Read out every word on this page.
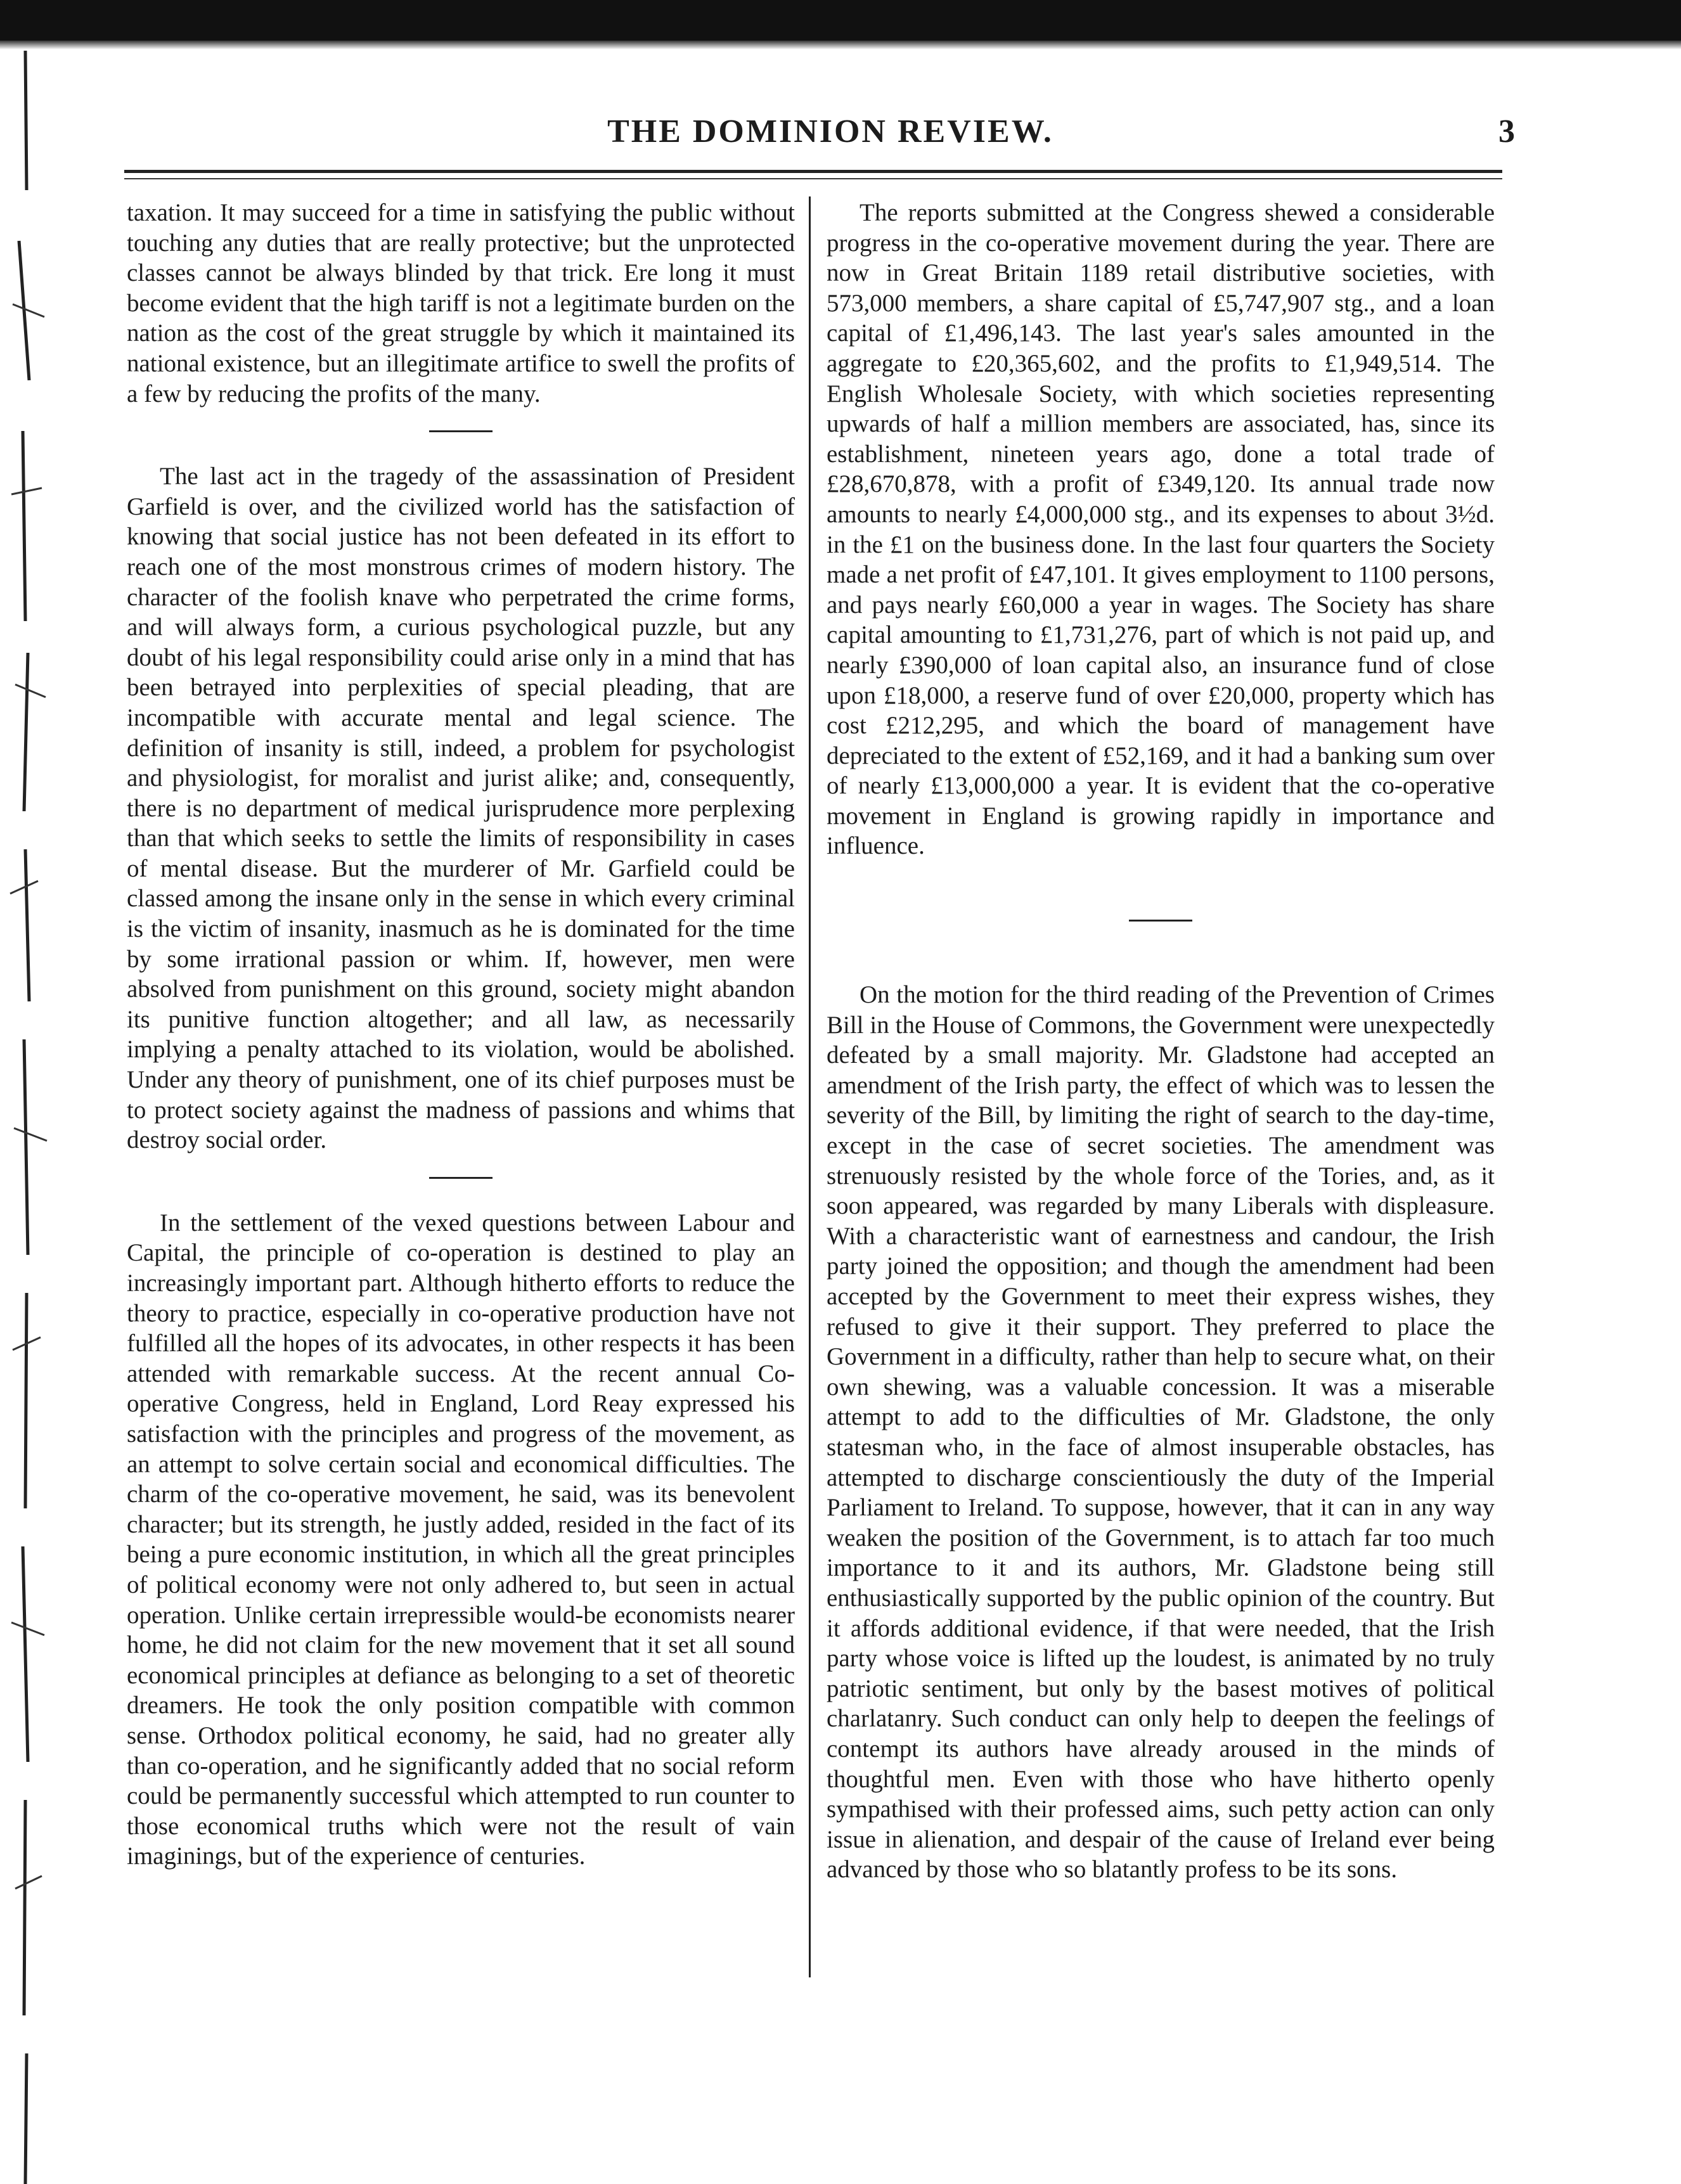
THE DOMINION REVIEW.	3

taxation. It may succeed for a time in satisfying the public without touching any duties that are really protective; but the unprotected classes cannot be always blinded by that trick. Ere long it must become evident that the high tariff is not a legitimate burden on the nation as the cost of the great struggle by which it maintained its national existence, but an illegitimate artifice to swell the profits of a few by reducing the profits of the many.

The last act in the tragedy of the assassination of President Garfield is over, and the civilized world has the satisfaction of knowing that social justice has not been defeated in its effort to reach one of the most monstrous crimes of modern history. The character of the foolish knave who perpetrated the crime forms, and will always form, a curious psychological puzzle, but any doubt of his legal responsibility could arise only in a mind that has been betrayed into perplexities of special pleading, that are incompatible with accurate mental and legal science. The definition of insanity is still, indeed, a problem for psychologist and physiologist, for moralist and jurist alike; and, consequently, there is no department of medical jurisprudence more perplexing than that which seeks to settle the limits of responsibility in cases of mental disease. But the murderer of Mr. Garfield could be classed among the insane only in the sense in which every criminal is the victim of insanity, inasmuch as he is dominated for the time by some irrational passion or whim. If, however, men were absolved from punishment on this ground, society might abandon its punitive function altogether; and all law, as necessarily implying a penalty attached to its violation, would be abolished. Under any theory of punishment, one of its chief purposes must be to protect society against the madness of passions and whims that destroy social order.

In the settlement of the vexed questions between Labour and Capital, the principle of co-operation is destined to play an increasingly important part. Although hitherto efforts to reduce the theory to practice, especially in co-operative production have not fulfilled all the hopes of its advocates, in other respects it has been attended with remarkable success. At the recent annual Co-operative Congress, held in England, Lord Reay expressed his satisfaction with the principles and progress of the movement, as an attempt to solve certain social and economical difficulties. The charm of the co-operative movement, he said, was its benevolent character; but its strength, he justly added, resided in the fact of its being a pure economic institution, in which all the great principles of political economy were not only adhered to, but seen in actual operation. Unlike certain irrepressible would-be economists nearer home, he did not claim for the new movement that it set all sound economical principles at defiance as belonging to a set of theoretic dreamers. He took the only position compatible with common sense. Orthodox political economy, he said, had no greater ally than co-operation, and he significantly added that no social reform could be permanently successful which attempted to run counter to those economical truths which were not the result of vain imaginings, but of the experience of centuries.

The reports submitted at the Congress shewed a considerable progress in the co-operative movement during the year. There are now in Great Britain 1189 retail distributive societies, with 573,000 members, a share capital of £5,747,907 stg., and a loan capital of £1,496,143. The last year's sales amounted in the aggregate to £20,365,602, and the profits to £1,949,514. The English Wholesale Society, with which societies representing upwards of half a million members are associated, has, since its establishment, nineteen years ago, done a total trade of £28,670,878, with a profit of £349,120. Its annual trade now amounts to nearly £4,000,000 stg., and its expenses to about 3½d. in the £1 on the business done. In the last four quarters the Society made a net profit of £47,101. It gives employment to 1100 persons, and pays nearly £60,000 a year in wages. The Society has share capital amounting to £1,731,276, part of which is not paid up, and nearly £390,000 of loan capital also, an insurance fund of close upon £18,000, a reserve fund of over £20,000, property which has cost £212,295, and which the board of management have depreciated to the extent of £52,169, and it had a banking sum over of nearly £13,000,000 a year. It is evident that the co-operative movement in England is growing rapidly in importance and influence.

On the motion for the third reading of the Prevention of Crimes Bill in the House of Commons, the Government were unexpectedly defeated by a small majority. Mr. Gladstone had accepted an amendment of the Irish party, the effect of which was to lessen the severity of the Bill, by limiting the right of search to the day-time, except in the case of secret societies. The amendment was strenuously resisted by the whole force of the Tories, and, as it soon appeared, was regarded by many Liberals with displeasure. With a characteristic want of earnestness and candour, the Irish party joined the opposition; and though the amendment had been accepted by the Government to meet their express wishes, they refused to give it their support. They preferred to place the Government in a difficulty, rather than help to secure what, on their own shewing, was a valuable concession. It was a miserable attempt to add to the difficulties of Mr. Gladstone, the only statesman who, in the face of almost insuperable obstacles, has attempted to discharge conscientiously the duty of the Imperial Parliament to Ireland. To suppose, however, that it can in any way weaken the position of the Government, is to attach far too much importance to it and its authors, Mr. Gladstone being still enthusiastically supported by the public opinion of the country. But it affords additional evidence, if that were needed, that the Irish party whose voice is lifted up the loudest, is animated by no truly patriotic sentiment, but only by the basest motives of political charlatanry. Such conduct can only help to deepen the feelings of contempt its authors have already aroused in the minds of thoughtful men. Even with those who have hitherto openly sympathised with their professed aims, such petty action can only issue in alienation, and despair of the cause of Ireland ever being advanced by those who so blatantly profess to be its sons.
